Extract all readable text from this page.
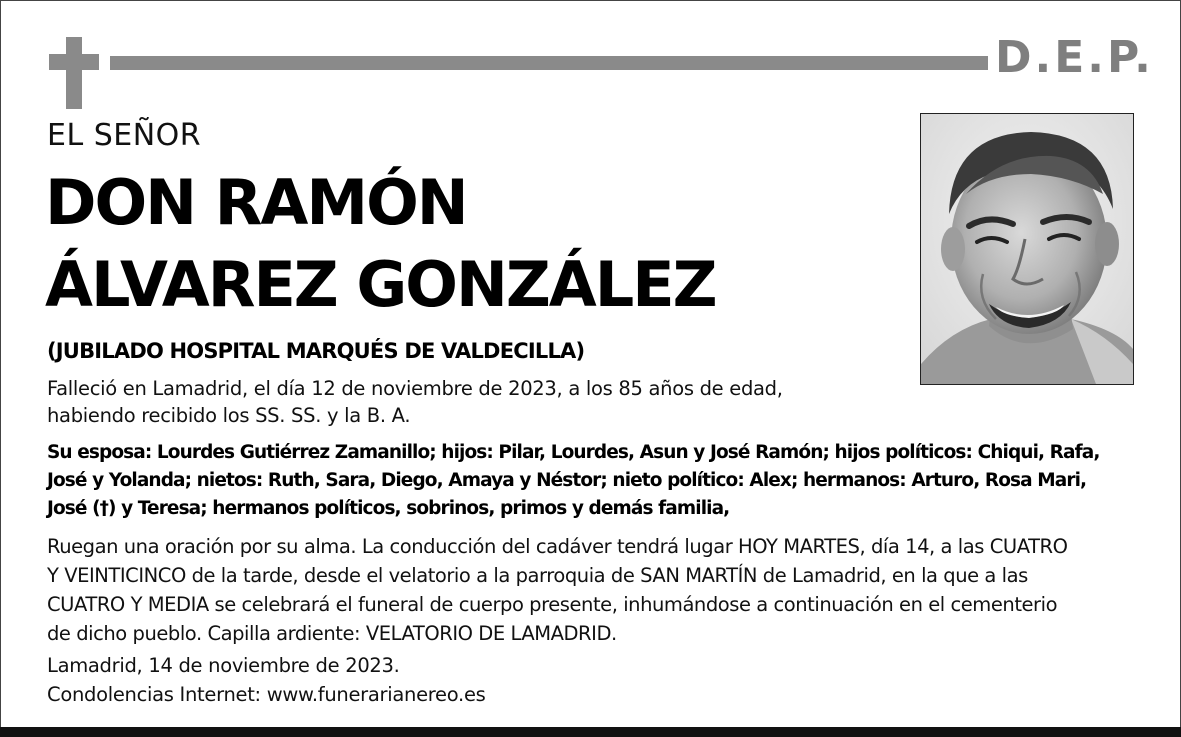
D.E.P.
EL SEÑOR
DON RAMÓN
ÁLVAREZ GONZÁLEZ
(JUBILADO HOSPITAL MARQUÉS DE VALDECILLA)
Falleció en Lamadrid, el día 12 de noviembre de 2023, a los 85 años de edad,
habiendo recibido los SS. SS. y la B. A.
Su esposa: Lourdes Gutiérrez Zamanillo; hijos: Pilar, Lourdes, Asun y José Ramón; hijos políticos: Chiqui, Rafa,
José y Yolanda; nietos: Ruth, Sara, Diego, Amaya y Néstor; nieto político: Alex; hermanos: Arturo, Rosa Mari,
José (†) y Teresa; hermanos políticos, sobrinos, primos y demás familia,
Ruegan una oración por su alma. La conducción del cadáver tendrá lugar HOY MARTES, día 14, a las CUATRO
Y VEINTICINCO de la tarde, desde el velatorio a la parroquia de SAN MARTÍN de Lamadrid, en la que a las
CUATRO Y MEDIA se celebrará el funeral de cuerpo presente, inhumándose a continuación en el cementerio
de dicho pueblo. Capilla ardiente: VELATORIO DE LAMADRID.
Lamadrid, 14 de noviembre de 2023.
Condolencias Internet: www.funerarianereo.es
